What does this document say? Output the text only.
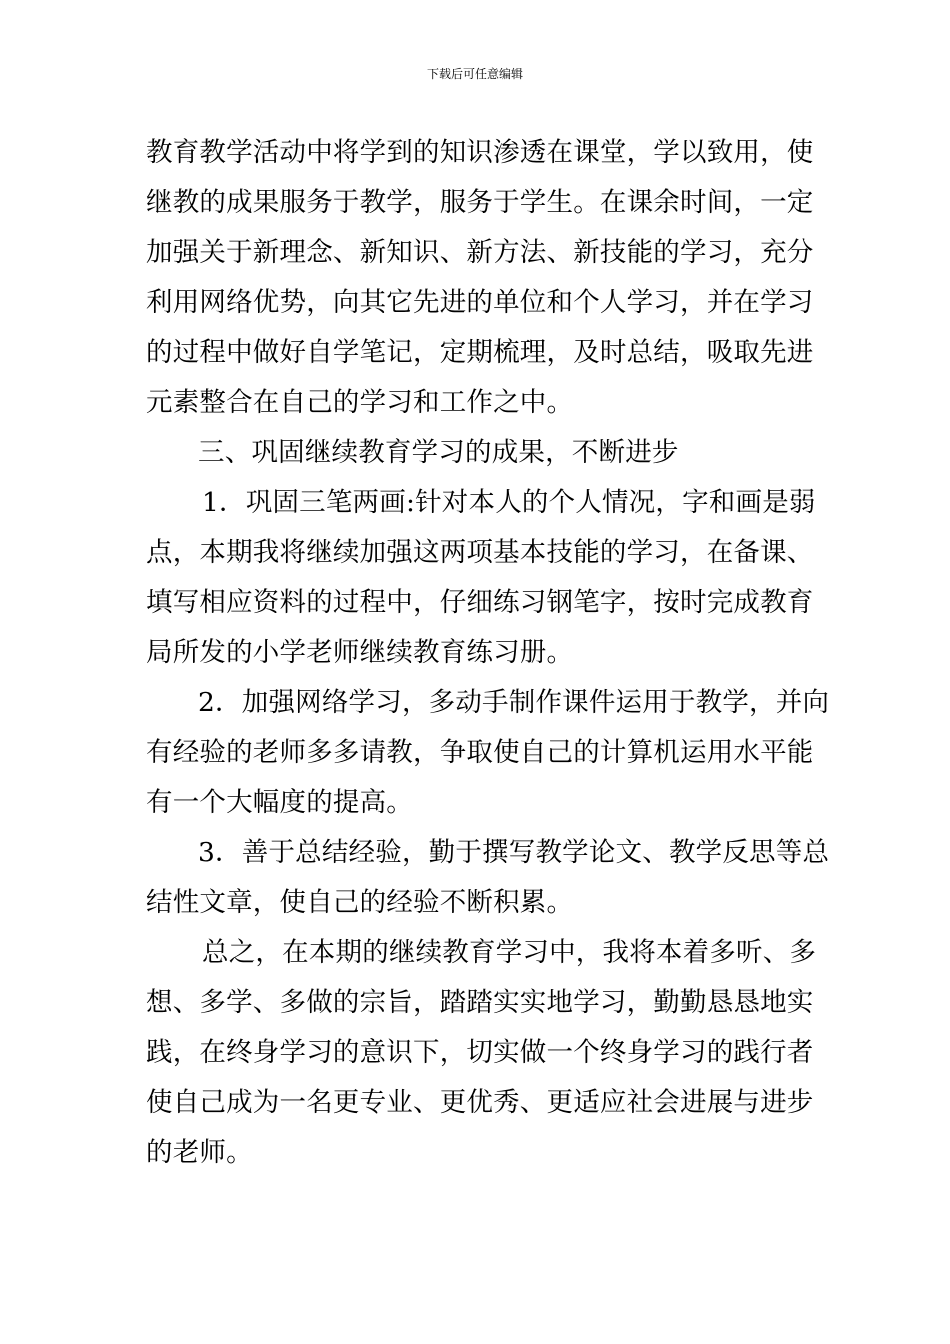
下载后可任意编辑
教育教学活动中将学到的知识渗透在课堂，学以致用，使
继教的成果服务于教学，服务于学生。在课余时间，一定
加强关于新理念、新知识、新方法、新技能的学习，充分
利用网络优势，向其它先进的单位和个人学习，并在学习
的过程中做好自学笔记，定期梳理，及时总结，吸取先进
元素整合在自己的学习和工作之中。
三、巩固继续教育学习的成果，不断进步
1．巩固三笔两画:针对本人的个人情况，字和画是弱
点，本期我将继续加强这两项基本技能的学习，在备课、
填写相应资料的过程中，仔细练习钢笔字，按时完成教育
局所发的小学老师继续教育练习册。
2．加强网络学习，多动手制作课件运用于教学，并向
有经验的老师多多请教，争取使自己的计算机运用水平能
有一个大幅度的提高。
3．善于总结经验，勤于撰写教学论文、教学反思等总
结性文章，使自己的经验不断积累。
总之，在本期的继续教育学习中，我将本着多听、多
想、多学、多做的宗旨，踏踏实实地学习，勤勤恳恳地实
践，在终身学习的意识下，切实做一个终身学习的践行者
使自己成为一名更专业、更优秀、更适应社会进展与进步
的老师。
